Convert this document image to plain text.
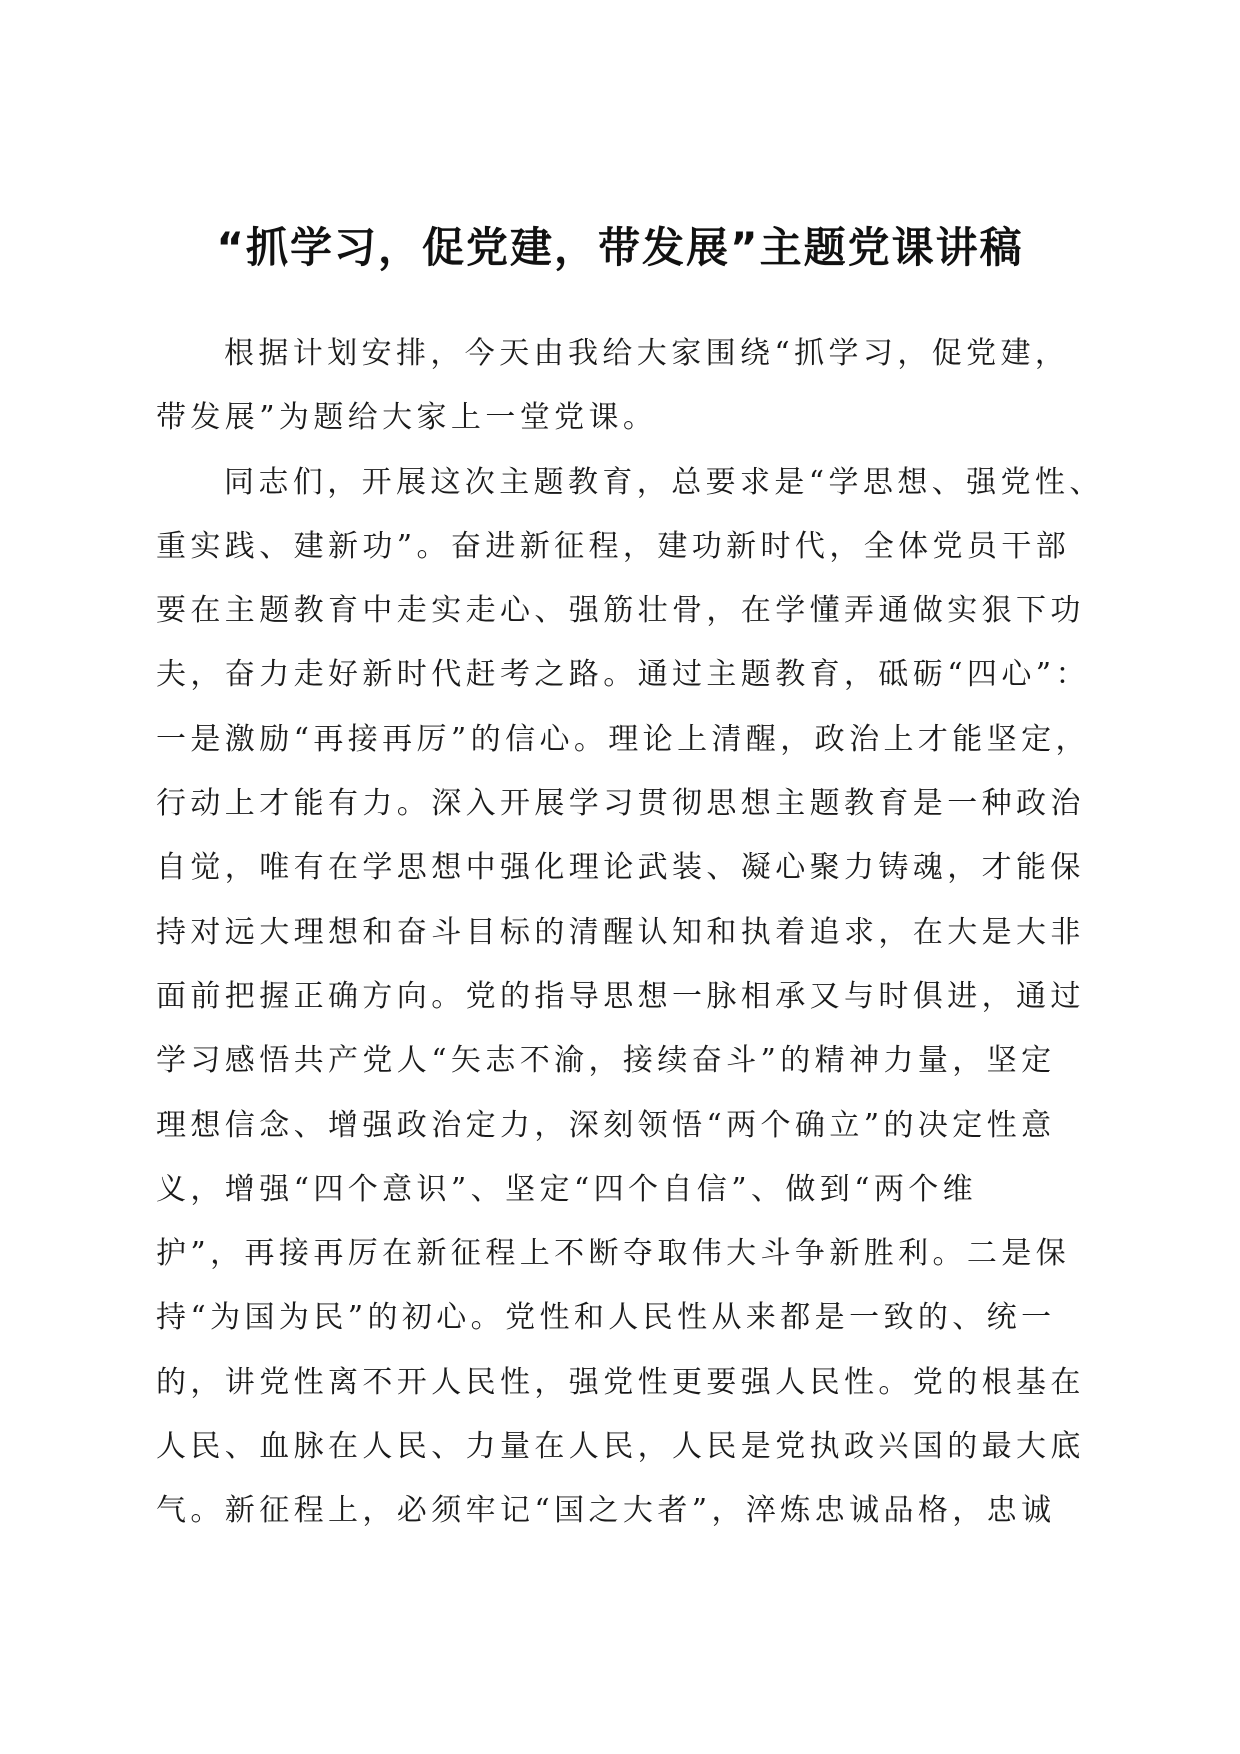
“抓学习，促党建，带发展”主题党课讲稿
根据计划安排，今天由我给大家围绕“抓学习，促党建，
带发展”为题给大家上一堂党课。
同志们，开展这次主题教育，总要求是“学思想、强党性、
重实践、建新功”。奋进新征程，建功新时代，全体党员干部
要在主题教育中走实走心、强筋壮骨，在学懂弄通做实狠下功
夫，奋力走好新时代赶考之路。通过主题教育，砥砺“四心”：
一是激励“再接再厉”的信心。理论上清醒，政治上才能坚定，
行动上才能有力。深入开展学习贯彻思想主题教育是一种政治
自觉，唯有在学思想中强化理论武装、凝心聚力铸魂，才能保
持对远大理想和奋斗目标的清醒认知和执着追求，在大是大非
面前把握正确方向。党的指导思想一脉相承又与时俱进，通过
学习感悟共产党人“矢志不渝，接续奋斗”的精神力量，坚定
理想信念、增强政治定力，深刻领悟“两个确立”的决定性意
义，增强“四个意识”、坚定“四个自信”、做到“两个维
护”，再接再厉在新征程上不断夺取伟大斗争新胜利。二是保
持“为国为民”的初心。党性和人民性从来都是一致的、统一
的，讲党性离不开人民性，强党性更要强人民性。党的根基在
人民、血脉在人民、力量在人民，人民是党执政兴国的最大底
气。新征程上，必须牢记“国之大者”，淬炼忠诚品格，忠诚
